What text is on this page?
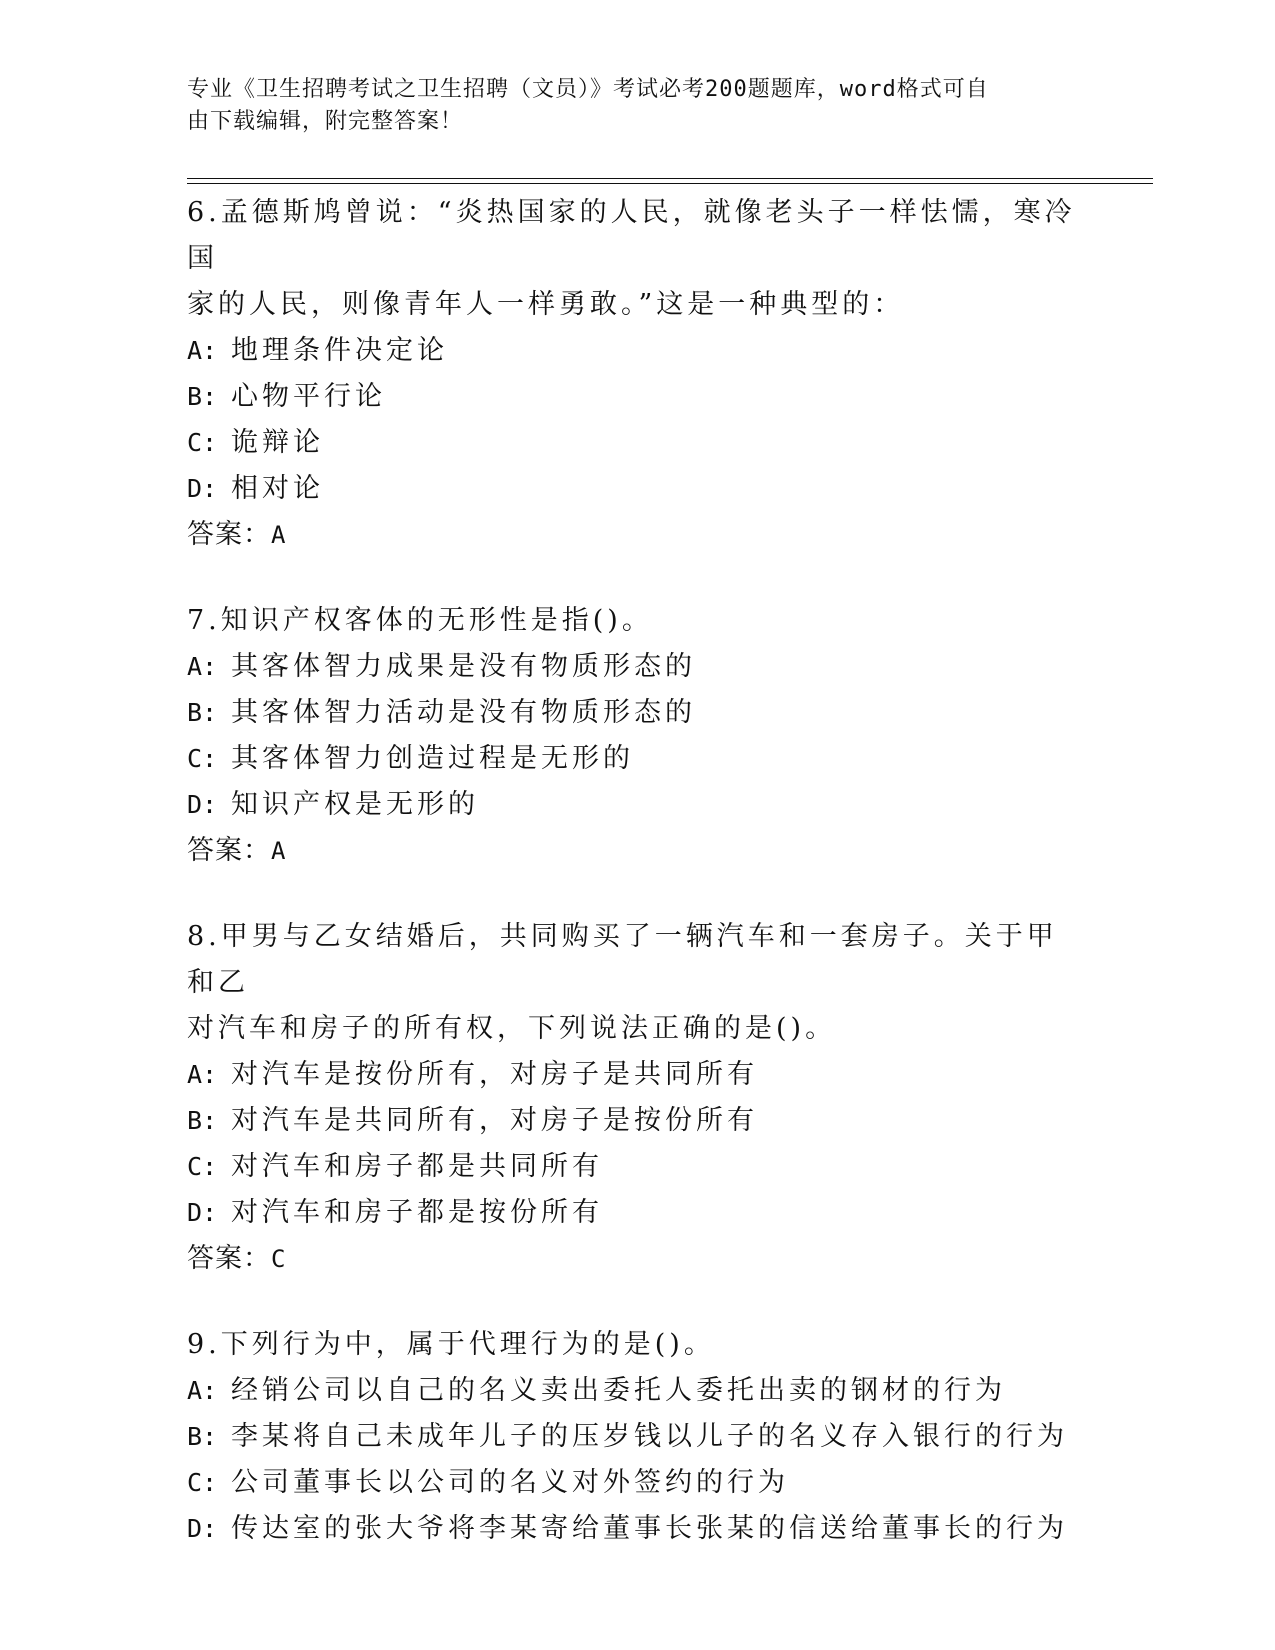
专业《卫生招聘考试之卫生招聘（文员）》考试必考200题题库，word格式可自
由下载编辑，附完整答案！
6.孟德斯鸠曾说：“炎热国家的人民，就像老头子一样怯懦，寒冷国
家的人民，则像青年人一样勇敢。”这是一种典型的：
A: 地理条件决定论
B: 心物平行论
C: 诡辩论
D: 相对论
答案：A
7.知识产权客体的无形性是指()。
A: 其客体智力成果是没有物质形态的
B: 其客体智力活动是没有物质形态的
C: 其客体智力创造过程是无形的
D: 知识产权是无形的
答案：A
8.甲男与乙女结婚后，共同购买了一辆汽车和一套房子。关于甲和乙
对汽车和房子的所有权，下列说法正确的是()。
A: 对汽车是按份所有，对房子是共同所有
B: 对汽车是共同所有，对房子是按份所有
C: 对汽车和房子都是共同所有
D: 对汽车和房子都是按份所有
答案：C
9.下列行为中，属于代理行为的是()。
A: 经销公司以自己的名义卖出委托人委托出卖的钢材的行为
B: 李某将自己未成年儿子的压岁钱以儿子的名义存入银行的行为
C: 公司董事长以公司的名义对外签约的行为
D: 传达室的张大爷将李某寄给董事长张某的信送给董事长的行为
